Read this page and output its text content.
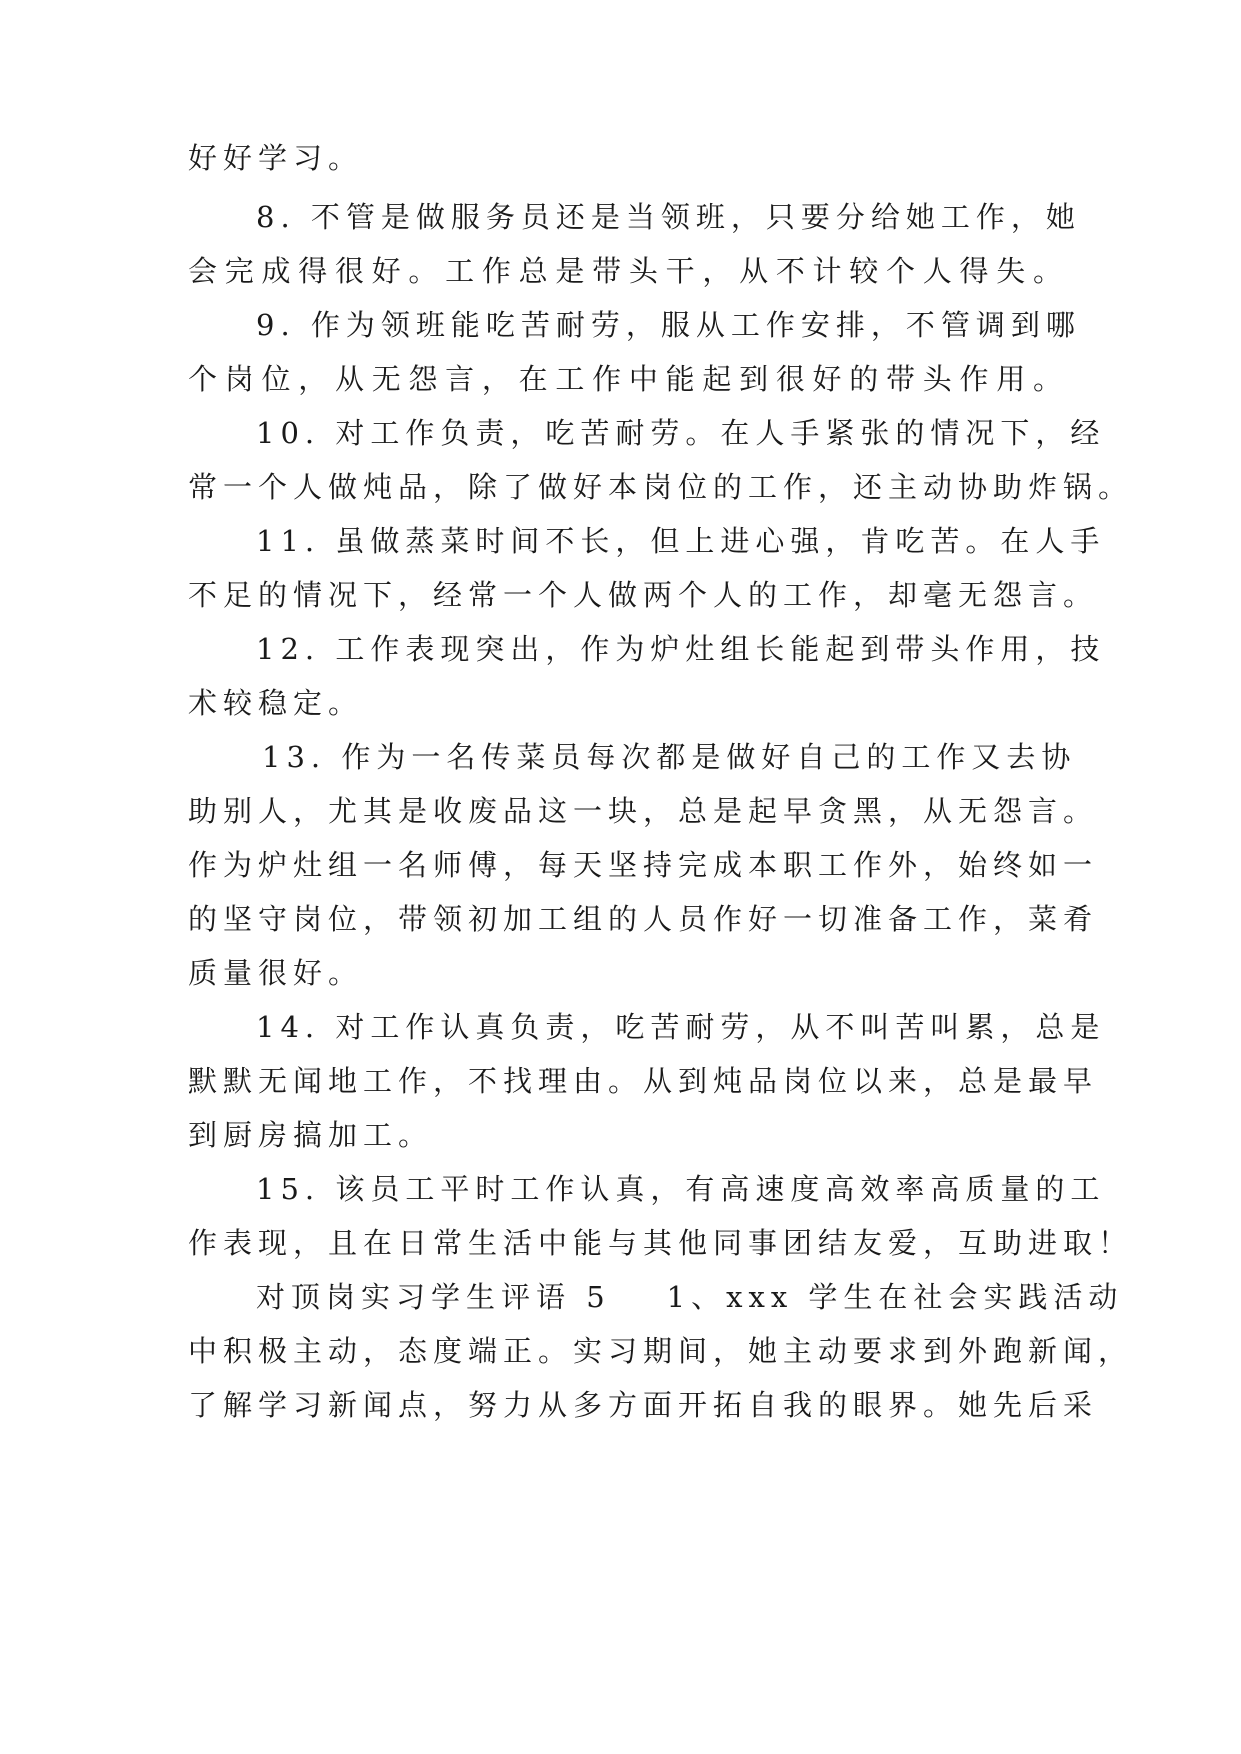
好好学习。

8. 不管是做服务员还是当领班，只要分给她工作，她

会完成得很好。工作总是带头干，从不计较个人得失。

9. 作为领班能吃苦耐劳，服从工作安排，不管调到哪

个岗位，从无怨言，在工作中能起到很好的带头作用。

10. 对工作负责，吃苦耐劳。在人手紧张的情况下，经

常一个人做炖品，除了做好本岗位的工作，还主动协助炸锅。

11. 虽做蒸菜时间不长，但上进心强，肯吃苦。在人手

不足的情况下，经常一个人做两个人的工作，却毫无怨言。

12. 工作表现突出，作为炉灶组长能起到带头作用，技

术较稳定。

13. 作为一名传菜员每次都是做好自己的工作又去协

助别人，尤其是收废品这一块，总是起早贪黑，从无怨言。

作为炉灶组一名师傅，每天坚持完成本职工作外，始终如一

的坚守岗位，带领初加工组的人员作好一切准备工作，菜肴

质量很好。

14. 对工作认真负责，吃苦耐劳，从不叫苦叫累，总是

默默无闻地工作，不找理由。从到炖品岗位以来，总是最早

到厨房搞加工。

15. 该员工平时工作认真，有高速度高效率高质量的工

作表现，且在日常生活中能与其他同事团结友爱，互助进取！

对顶岗实习学生评语 5 1、xxx 学生在社会实践活动

中积极主动，态度端正。实习期间，她主动要求到外跑新闻，

了解学习新闻点，努力从多方面开拓自我的眼界。她先后采
